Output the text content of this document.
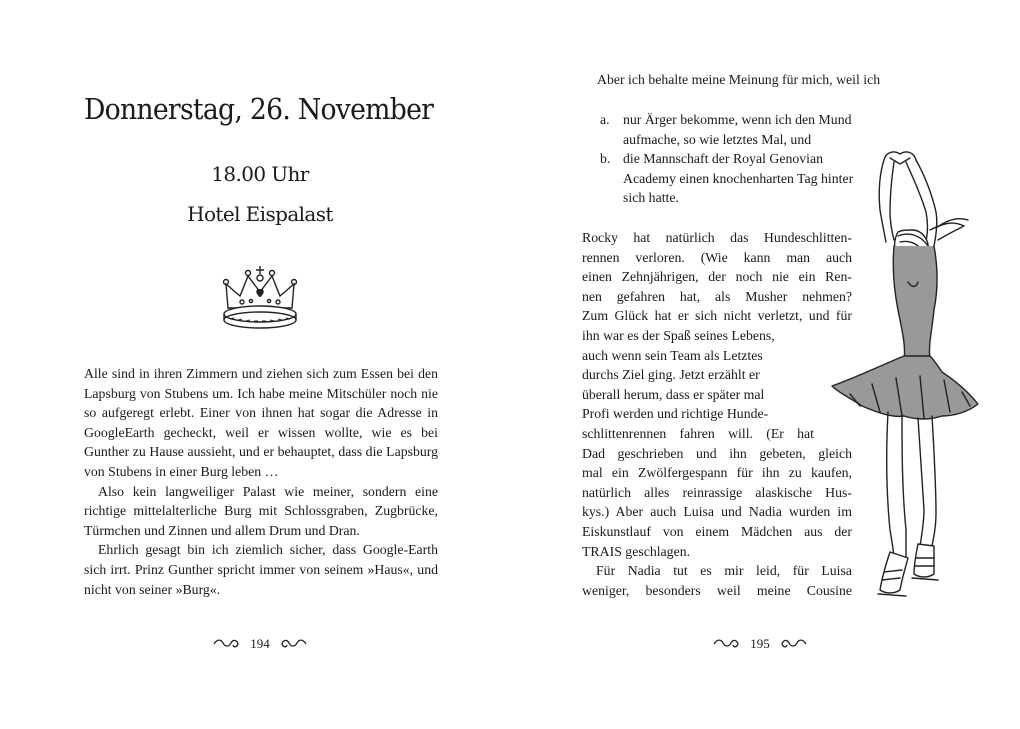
Donnerstag, 26. November
18.00 Uhr
Hotel Eispalast

Alle sind in ihren Zimmern und ziehen sich zum Essen bei den Lapsburg von Stubens um. Ich habe meine Mitschüler noch nie so aufgeregt erlebt. Einer von ihnen hat sogar die Adresse in GoogleEarth gecheckt, weil er wissen wollte, wie es bei Gunther zu Hause aussieht, und er behauptet, dass die Lapsburg von Stubens in einer Burg leben …

Also kein langweiliger Palast wie meiner, sondern eine richtige mittelalterliche Burg mit Schlossgraben, Zugbrücke, Türmchen und Zinnen und allem Drum und Dran.

Ehrlich gesagt bin ich ziemlich sicher, dass Google-Earth sich irrt. Prinz Gunther spricht immer von seinem »Haus«, und nicht von seiner »Burg«.

194
Aber ich behalte meine Meinung für mich, weil ich
a. nur Ärger bekomme, wenn ich den Mund aufmache, so wie letztes Mal, und
b. die Mannschaft der Royal Genovian Academy einen knochenharten Tag hinter sich hatte.
Rocky hat natürlich das Hundeschlitten-
rennen verloren. (Wie kann man auch
einen Zehnjährigen, der noch nie ein Ren-
nen gefahren hat, als Musher nehmen?
Zum Glück hat er sich nicht verletzt, und für
ihn war es der Spaß seines Lebens,
auch wenn sein Team als Letztes
durchs Ziel ging. Jetzt erzählt er
überall herum, dass er später mal
Profi werden und richtige Hunde-
schlittenrennen fahren will. (Er hat
Dad geschrieben und ihn gebeten, gleich
mal ein Zwölfergespann für ihn zu kaufen,
natürlich alles reinrassige alaskische Hus-
kys.) Aber auch Luisa und Nadia wurden im
Eiskunstlauf von einem Mädchen aus der
TRAIS geschlagen.
Für Nadia tut es mir leid, für Luisa
weniger, besonders weil meine Cousine
195
